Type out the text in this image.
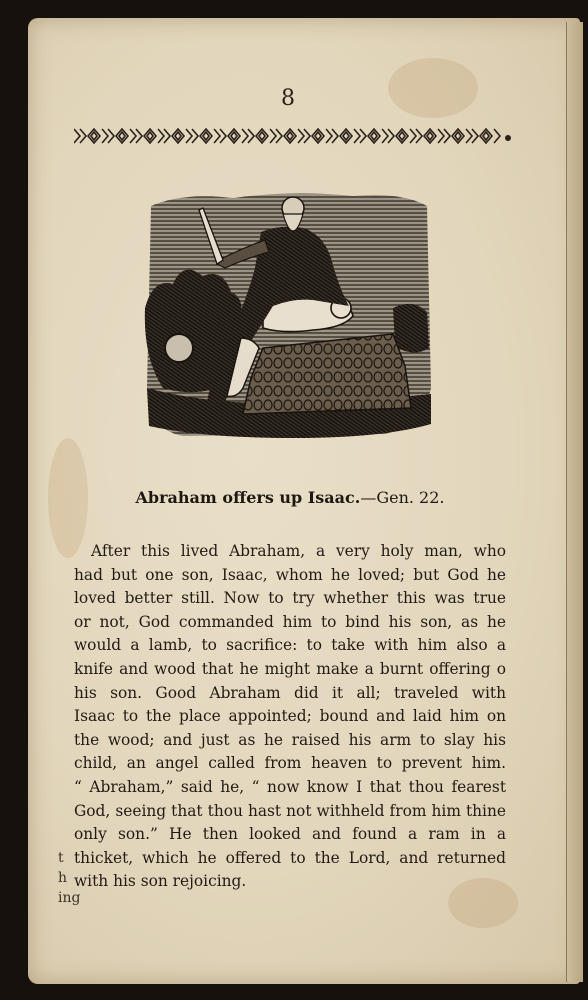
8
Abraham offers up Isaac.—Gen. 22.
After this lived Abraham, a very holy man, who
had but one son, Isaac, whom he loved; but God he
loved better still. Now to try whether this was true
or not, God commanded him to bind his son, as he
would a lamb, to sacrifice: to take with him also a
knife and wood that he might make a burnt offering o
his son. Good Abraham did it all; traveled with
Isaac to the place appointed; bound and laid him on
the wood; and just as he raised his arm to slay his
child, an angel called from heaven to prevent him.
“ Abraham,” said he, “ now know I that thou fearest
God, seeing that thou hast not withheld from him thine
only son.” He then looked and found a ram in a
thicket, which he offered to the Lord, and returned
with his son rejoicing.
t
h
ing
